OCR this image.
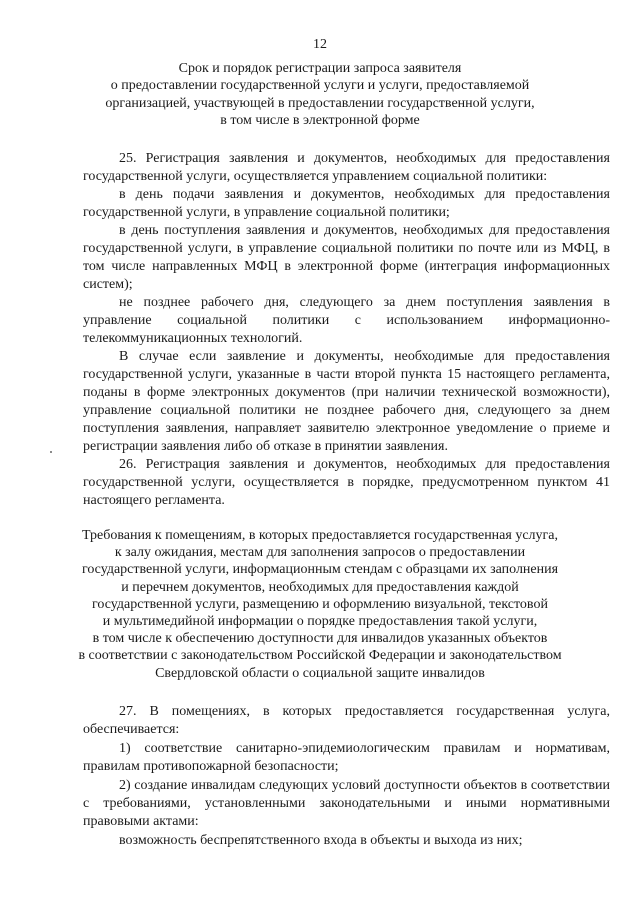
12
Срок и порядок регистрации запроса заявителя
о предоставлении государственной услуги и услуги, предоставляемой
организацией, участвующей в предоставлении государственной услуги,
в том числе в электронной форме

25. Регистрация заявления и документов, необходимых для предоставления государственной услуги, осуществляется управлением социальной политики:

в день подачи заявления и документов, необходимых для предоставления государственной услуги, в управление социальной политики;

в день поступления заявления и документов, необходимых для предоставления государственной услуги, в управление социальной политики по почте или из МФЦ, в том числе направленных МФЦ в электронной форме (интеграция информационных систем);

не позднее рабочего дня, следующего за днем поступления заявления в управление социальной политики с использованием информационно-телекоммуникационных технологий.

В случае если заявление и документы, необходимые для предоставления государственной услуги, указанные в части второй пункта 15 настоящего регламента, поданы в форме электронных документов (при наличии технической возможности), управление социальной политики не позднее рабочего дня, следующего за днем поступления заявления, направляет заявителю электронное уведомление о приеме и регистрации заявления либо об отказе в принятии заявления.

26. Регистрация заявления и документов, необходимых для предоставления государственной услуги, осуществляется в порядке, предусмотренном пунктом 41 настоящего регламента.

Требования к помещениям, в которых предоставляется государственная услуга,
к залу ожидания, местам для заполнения запросов о предоставлении
государственной услуги, информационным стендам с образцами их заполнения
и перечнем документов, необходимых для предоставления каждой
государственной услуги, размещению и оформлению визуальной, текстовой
и мультимедийной информации о порядке предоставления такой услуги,
в том числе к обеспечению доступности для инвалидов указанных объектов
в соответствии с законодательством Российской Федерации и законодательством
Свердловской области о социальной защите инвалидов

27. В помещениях, в которых предоставляется государственная услуга, обеспечивается:

1) соответствие санитарно-эпидемиологическим правилам и нормативам, правилам противопожарной безопасности;

2) создание инвалидам следующих условий доступности объектов в соответствии с требованиями, установленными законодательными и иными нормативными правовыми актами:

возможность беспрепятственного входа в объекты и выхода из них;
